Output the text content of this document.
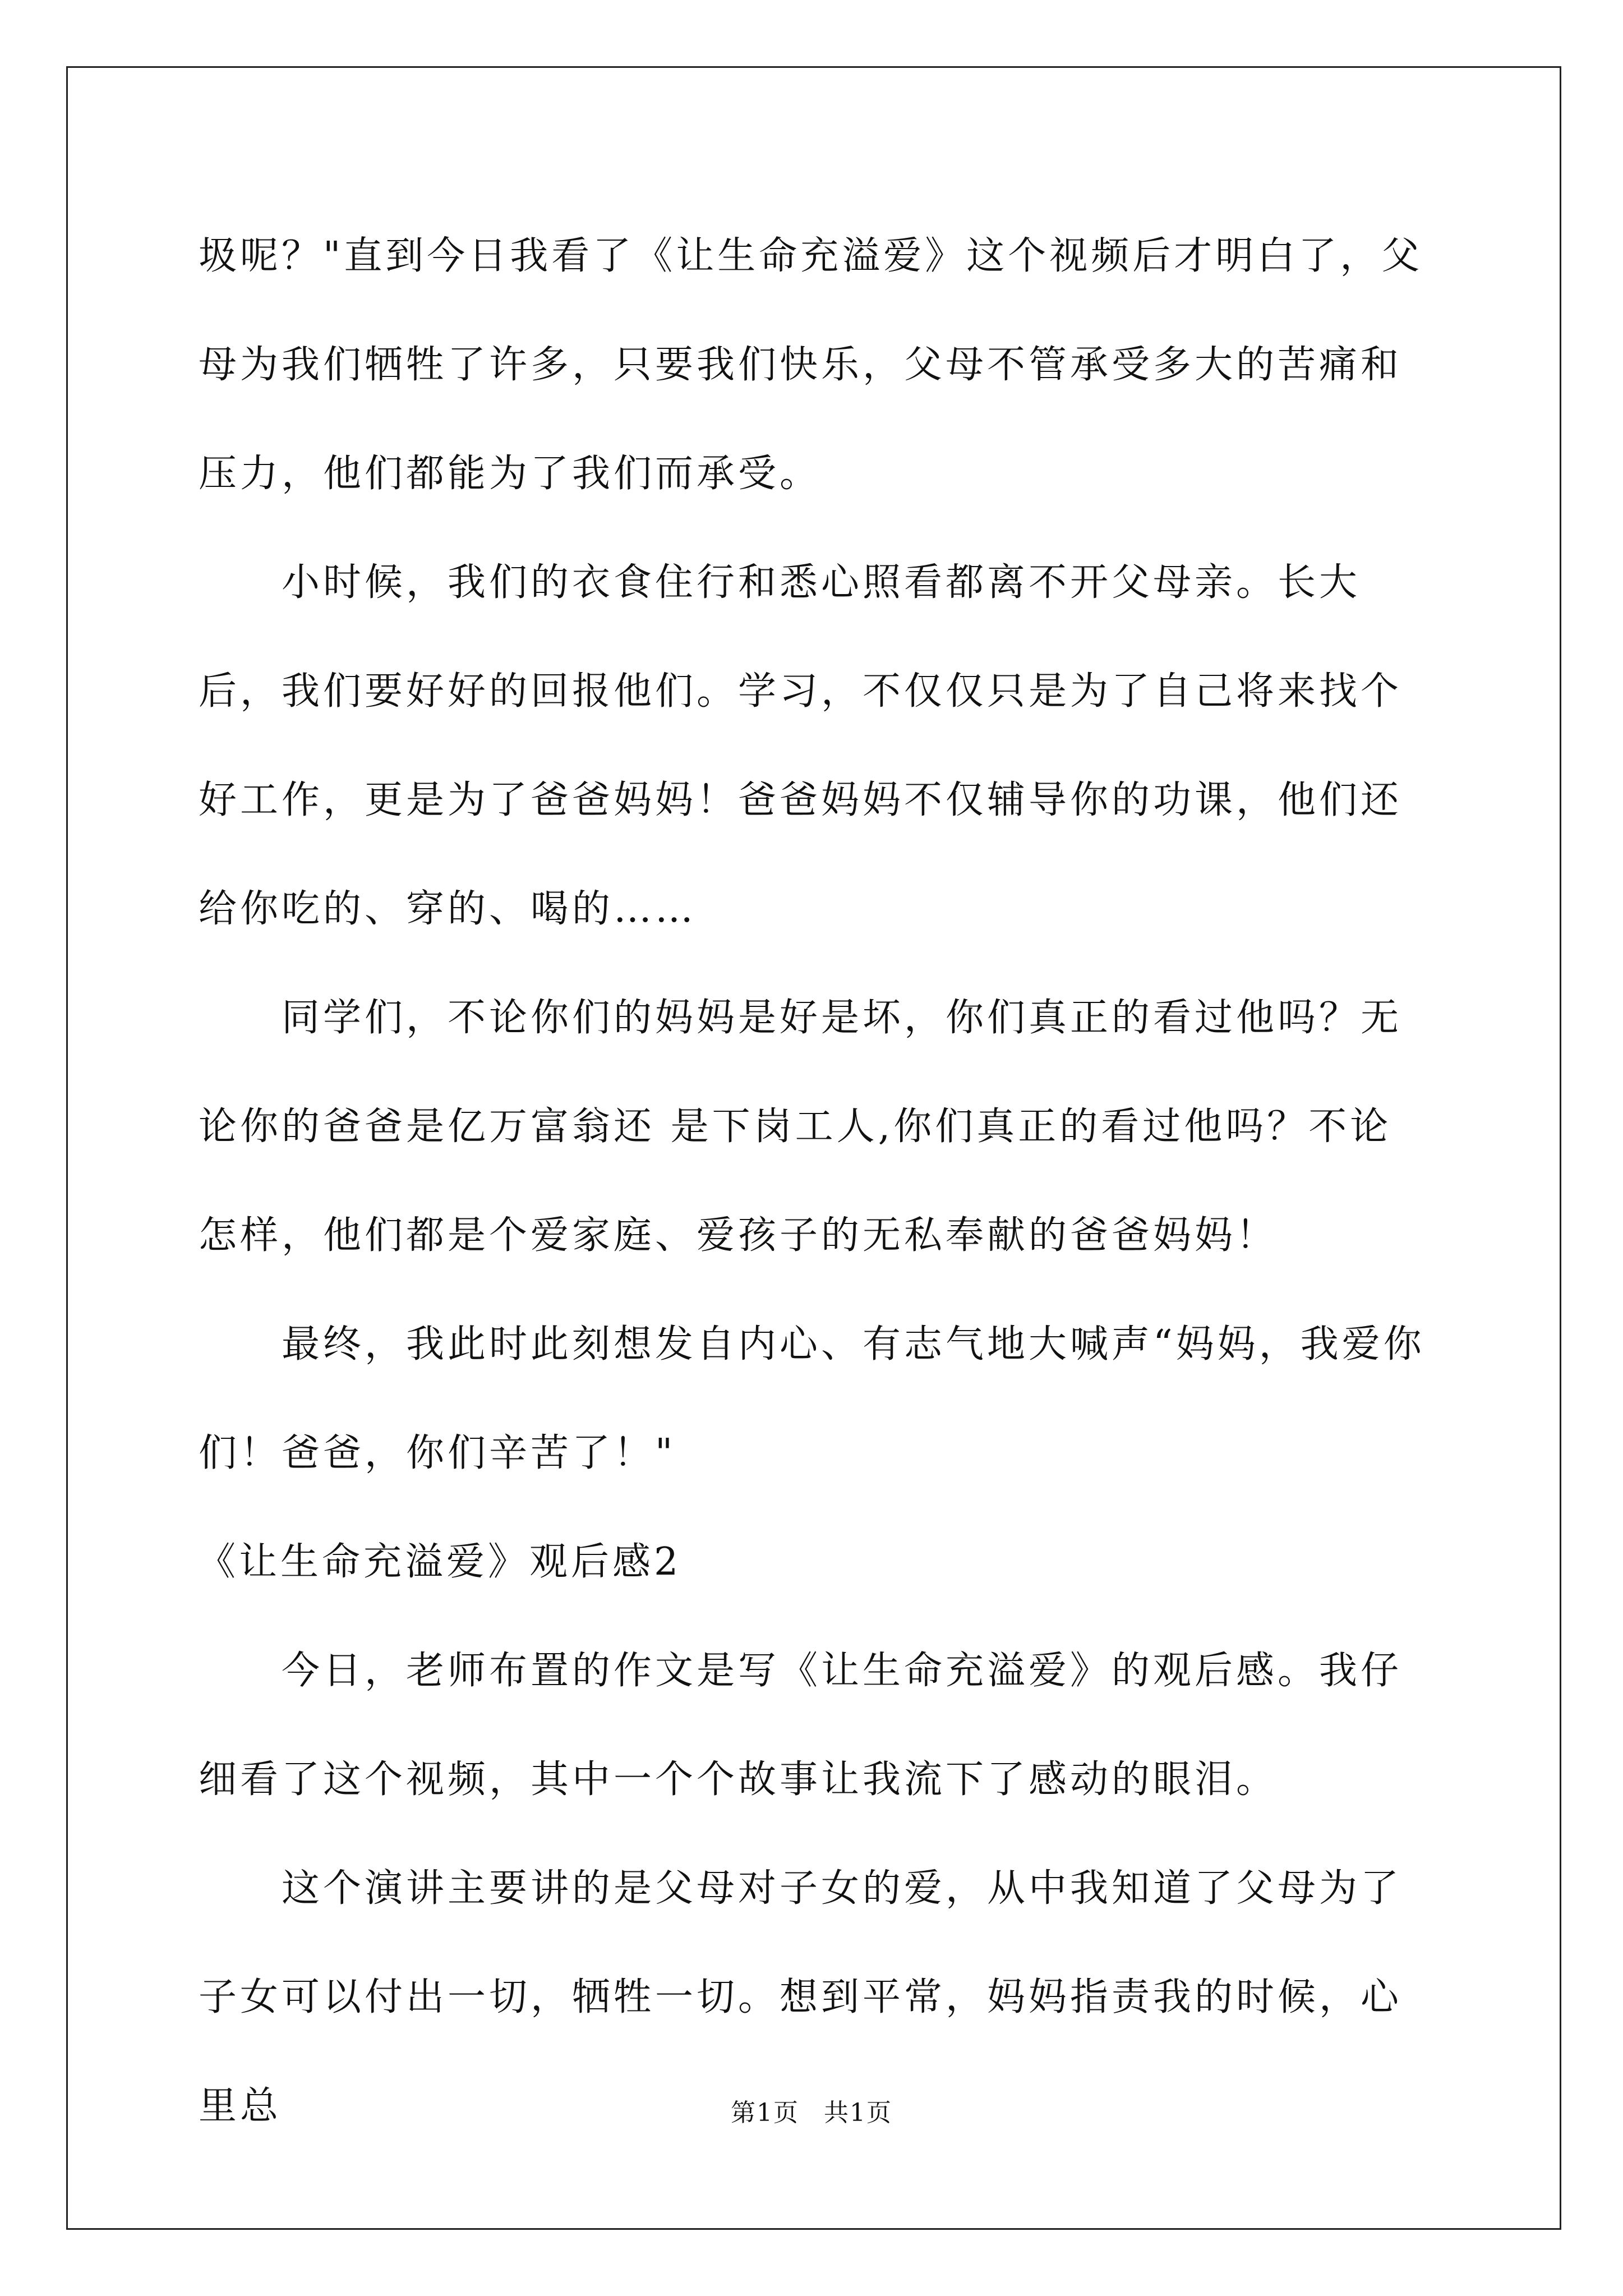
圾呢？"直到今日我看了《让生命充溢爱》这个视频后才明白了，父母为我们牺牲了许多，只要我们快乐，父母不管承受多大的苦痛和压力，他们都能为了我们而承受。

小时候，我们的衣食住行和悉心照看都离不开父母亲。长大后，我们要好好的回报他们。学习，不仅仅只是为了自己将来找个好工作，更是为了爸爸妈妈！爸爸妈妈不仅辅导你的功课，他们还 给你吃的、穿的、喝的……

同学们，不论你们的妈妈是好是坏，你们真正的看过他吗？无论你的爸爸是亿万富翁还 是下岗工人,你们真正的看过他吗？不论怎样，他们都是个爱家庭、爱孩子的无私奉献的爸爸妈妈！

最终，我此时此刻想发自内心、有志气地大喊声“妈妈，我爱你们！爸爸，你们辛苦了！"

《让生命充溢爱》观后感2

今日，老师布置的作文是写《让生命充溢爱》的观后感。我仔细看了这个视频，其中一个个故事让我流下了感动的眼泪。

这个演讲主要讲的是父母对子女的爱，从中我知道了父母为了子女可以付出一切，牺牲一切。想到平常，妈妈指责我的时候，心里总	第1页 共1页
